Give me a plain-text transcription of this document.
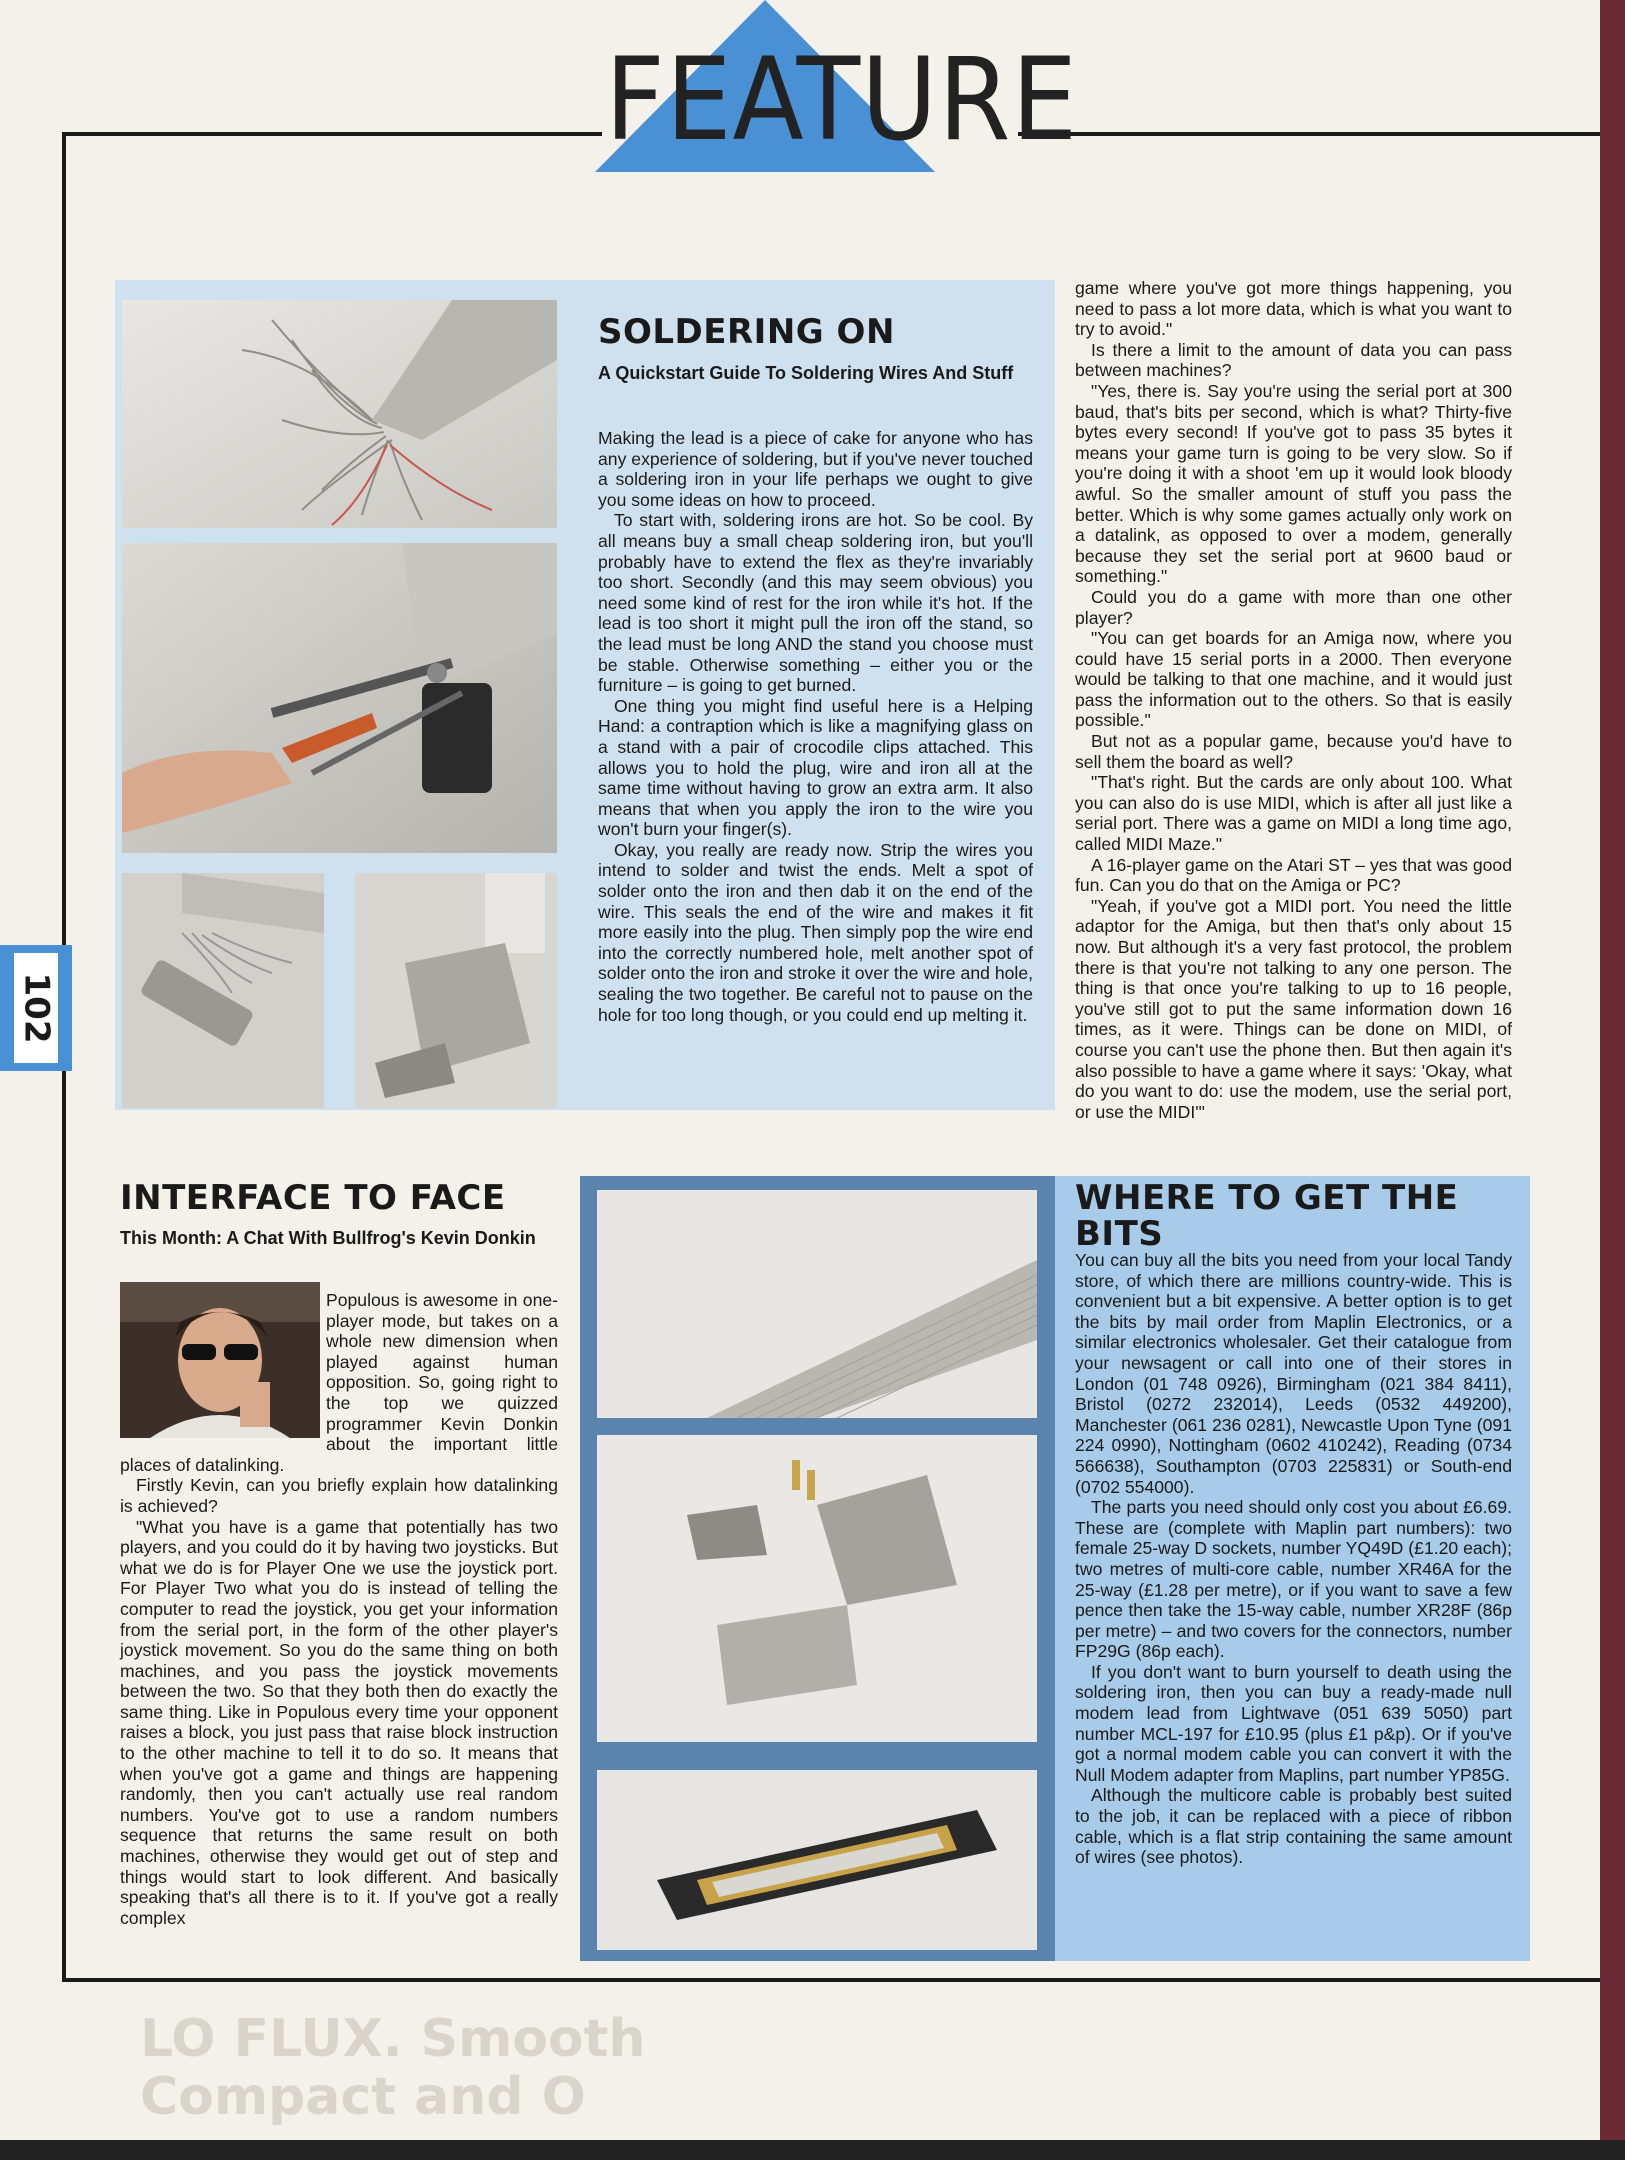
FEATURE
102
SOLDERING ON
A Quickstart Guide To Soldering Wires And Stuff

Making the lead is a piece of cake for anyone who has any experience of soldering, but if you've never touched a soldering iron in your life perhaps we ought to give you some ideas on how to proceed.

To start with, soldering irons are hot. So be cool. By all means buy a small cheap soldering iron, but you'll probably have to extend the flex as they're invariably too short. Secondly (and this may seem obvious) you need some kind of rest for the iron while it's hot. If the lead is too short it might pull the iron off the stand, so the lead must be long AND the stand you choose must be stable. Otherwise something – either you or the furniture – is going to get burned.

One thing you might find useful here is a Helping Hand: a contraption which is like a magnifying glass on a stand with a pair of crocodile clips attached. This allows you to hold the plug, wire and iron all at the same time without having to grow an extra arm. It also means that when you apply the iron to the wire you won't burn your finger(s).

Okay, you really are ready now. Strip the wires you intend to solder and twist the ends. Melt a spot of solder onto the iron and then dab it on the end of the wire. This seals the end of the wire and makes it fit more easily into the plug. Then simply pop the wire end into the correctly numbered hole, melt another spot of solder onto the iron and stroke it over the wire and hole, sealing the two together. Be careful not to pause on the hole for too long though, or you could end up melting it.

game where you've got more things happening, you need to pass a lot more data, which is what you want to try to avoid."

Is there a limit to the amount of data you can pass between machines?

"Yes, there is. Say you're using the serial port at 300 baud, that's bits per second, which is what? Thirty-five bytes every second! If you've got to pass 35 bytes it means your game turn is going to be very slow. So if you're doing it with a shoot 'em up it would look bloody awful. So the smaller amount of stuff you pass the better. Which is why some games actually only work on a datalink, as opposed to over a modem, generally because they set the serial port at 9600 baud or something."

Could you do a game with more than one other player?

"You can get boards for an Amiga now, where you could have 15 serial ports in a 2000. Then everyone would be talking to that one machine, and it would just pass the information out to the others. So that is easily possible."

But not as a popular game, because you'd have to sell them the board as well?

"That's right. But the cards are only about 100. What you can also do is use MIDI, which is after all just like a serial port. There was a game on MIDI a long time ago, called MIDI Maze."

A 16-player game on the Atari ST – yes that was good fun. Can you do that on the Amiga or PC?

"Yeah, if you've got a MIDI port. You need the little adaptor for the Amiga, but then that's only about 15 now. But although it's a very fast protocol, the problem there is that you're not talking to any one person. The thing is that once you're talking to up to 16 people, you've still got to put the same information down 16 times, as it were. Things can be done on MIDI, of course you can't use the phone then. But then again it's also possible to have a game where it says: 'Okay, what do you want to do: use the modem, use the serial port, or use the MIDI'"

INTERFACE TO FACE
This Month: A Chat With Bullfrog's Kevin Donkin

Populous is awesome in one-player mode, but takes on a whole new dimension when played against human opposition. So, going right to the top we quizzed programmer Kevin Donkin about the important little places of datalinking.

Firstly Kevin, can you briefly explain how datalinking is achieved?

"What you have is a game that potentially has two players, and you could do it by having two joysticks. But what we do is for Player One we use the joystick port. For Player Two what you do is instead of telling the computer to read the joystick, you get your information from the serial port, in the form of the other player's joystick movement. So you do the same thing on both machines, and you pass the joystick movements between the two. So that they both then do exactly the same thing. Like in Populous every time your opponent raises a block, you just pass that raise block instruction to the other machine to tell it to do so. It means that when you've got a game and things are happening randomly, then you can't actually use real random numbers. You've got to use a random numbers sequence that returns the same result on both machines, otherwise they would get out of step and things would start to look different. And basically speaking that's all there is to it. If you've got a really complex

WHERE TO GET THE BITS

You can buy all the bits you need from your local Tandy store, of which there are millions country-wide. This is convenient but a bit expensive. A better option is to get the bits by mail order from Maplin Electronics, or a similar electronics wholesaler. Get their catalogue from your newsagent or call into one of their stores in London (01 748 0926), Birmingham (021 384 8411), Bristol (0272 232014), Leeds (0532 449200), Manchester (061 236 0281), Newcastle Upon Tyne (091 224 0990), Nottingham (0602 410242), Reading (0734 566638), Southampton (0703 225831) or South-end (0702 554000).

The parts you need should only cost you about £6.69. These are (complete with Maplin part numbers): two female 25-way D sockets, number YQ49D (£1.20 each); two metres of multi-core cable, number XR46A for the 25-way (£1.28 per metre), or if you want to save a few pence then take the 15-way cable, number XR28F (86p per metre) – and two covers for the connectors, number FP29G (86p each).

If you don't want to burn yourself to death using the soldering iron, then you can buy a ready-made null modem lead from Lightwave (051 639 5050) part number MCL-197 for £10.95 (plus £1 p&p). Or if you've got a normal modem cable you can convert it with the Null Modem adapter from Maplins, part number YP85G.

Although the multicore cable is probably best suited to the job, it can be replaced with a piece of ribbon cable, which is a flat strip containing the same amount of wires (see photos).

LO FLUX. Smooth
Compact and O
